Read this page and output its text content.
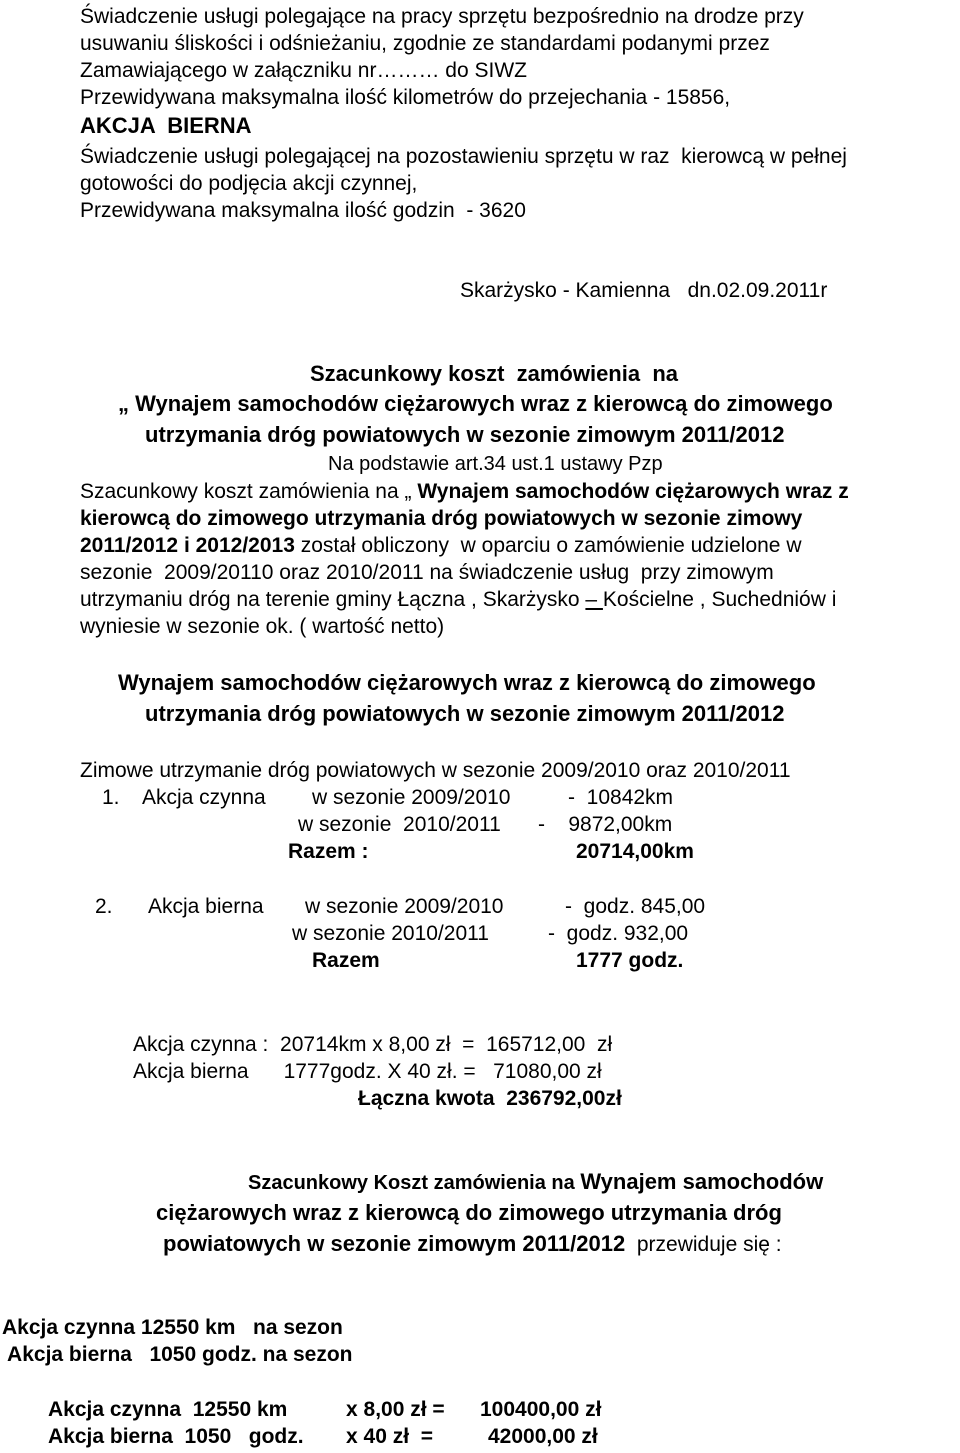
Świadczenie usługi polegające na pracy sprzętu bezpośrednio na drodze przy
usuwaniu śliskości i odśnieżaniu, zgodnie ze standardami podanymi przez
Zamawiającego w załączniku nr……… do SIWZ
Przewidywana maksymalna ilość kilometrów do przejechania - 15856,
AKCJA  BIERNA
Świadczenie usługi polegającej na pozostawieniu sprzętu w raz  kierowcą w pełnej
gotowości do podjęcia akcji czynnej,
Przewidywana maksymalna ilość godzin  - 3620
Skarżysko - Kamienna   dn.02.09.2011r
Szacunkowy koszt  zamówienia  na
„ Wynajem samochodów ciężarowych wraz z kierowcą do zimowego
utrzymania dróg powiatowych w sezonie zimowym 2011/2012
Na podstawie art.34 ust.1 ustawy Pzp
Szacunkowy koszt zamówienia na „ Wynajem samochodów ciężarowych wraz z
kierowcą do zimowego utrzymania dróg powiatowych w sezonie zimowy
2011/2012 i 2012/2013 został obliczony  w oparciu o zamówienie udzielone w
sezonie  2009/20110 oraz 2010/2011 na świadczenie usług  przy zimowym
utrzymaniu dróg na terenie gminy Łączna , Skarżysko – Kościelne , Suchedniów i
wyniesie w sezonie ok. ( wartość netto)
Wynajem samochodów ciężarowych wraz z kierowcą do zimowego
utrzymania dróg powiatowych w sezonie zimowym 2011/2012
Zimowe utrzymanie dróg powiatowych w sezonie 2009/2010 oraz 2010/2011
1. Akcja czynna w sezonie 2009/2010	-  10842km
w sezonie  2010/2011 -    9872,00km
Razem :	20714,00km
2. Akcja bierna w sezonie 2009/2010	-  godz. 845,00
w sezonie 2010/2011	-  godz. 932,00
Razem	1777 godz.
Akcja czynna :  20714km x 8,00 zł  =  165712,00  zł
Akcja bierna      1777godz. X 40 zł. =   71080,00 zł
Łączna kwota  236792,00zł
Szacunkowy Koszt zamówienia na Wynajem samochodów
ciężarowych wraz z kierowcą do zimowego utrzymania dróg
powiatowych w sezonie zimowym 2011/2012  przewiduje się :
Akcja czynna 12550 km   na sezon
Akcja bierna   1050 godz. na sezon
Akcja czynna  12550 km	x 8,00 zł = 100400,00 zł
Akcja bierna  1050   godz. x 40 zł  =	42000,00 zł
